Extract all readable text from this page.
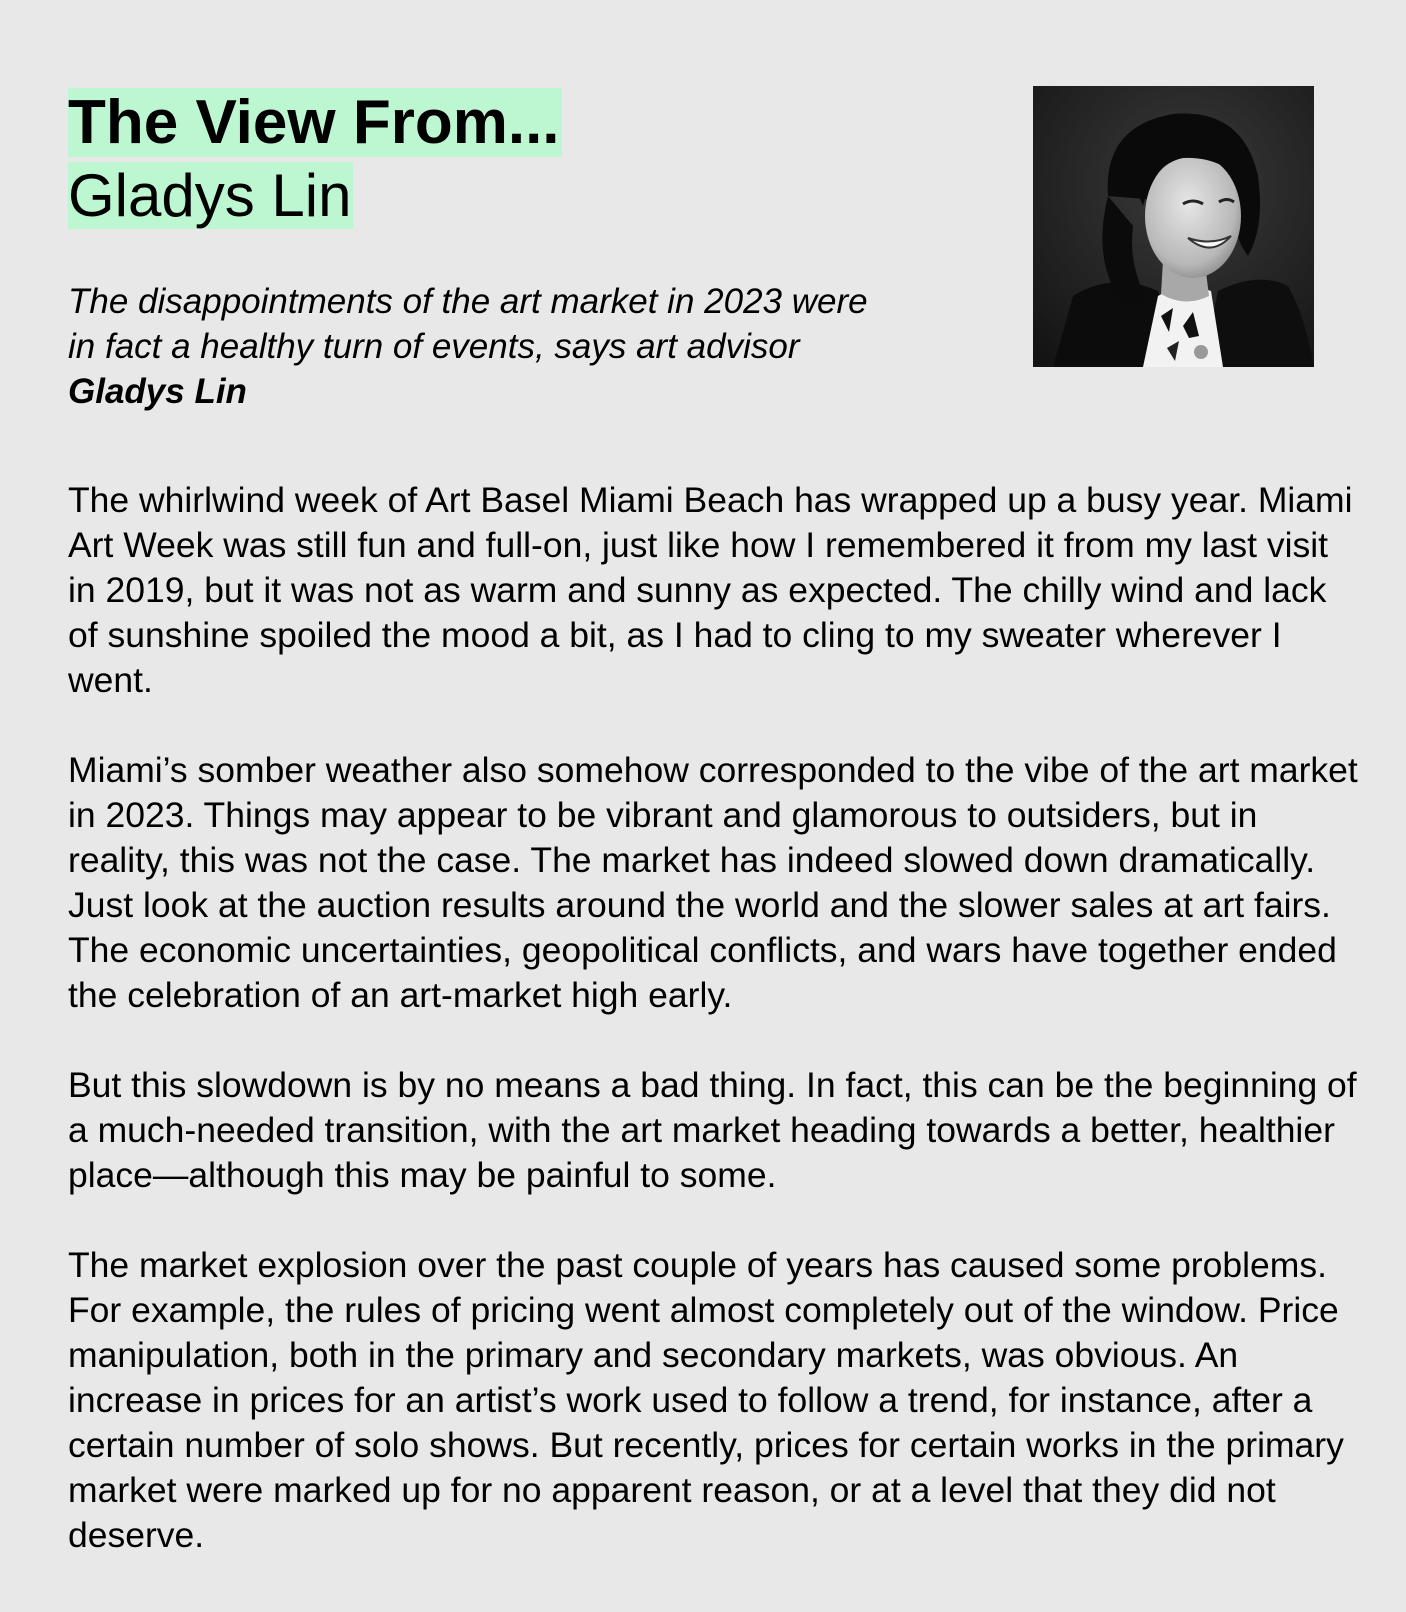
The View From...
Gladys Lin

The disappointments of the art market in 2023 were in fact a healthy turn of events, says art advisor Gladys Lin

The whirlwind week of Art Basel Miami Beach has wrapped up a busy year. Miami Art Week was still fun and full-on, just like how I remembered it from my last visit in 2019, but it was not as warm and sunny as expected. The chilly wind and lack of sunshine spoiled the mood a bit, as I had to cling to my sweater wherever I went.

Miami’s somber weather also somehow corresponded to the vibe of the art market in 2023. Things may appear to be vibrant and glamorous to outsiders, but in reality, this was not the case. The market has indeed slowed down dramatically. Just look at the auction results around the world and the slower sales at art fairs. The economic uncertainties, geopolitical conflicts, and wars have together ended the celebration of an art-market high early.

But this slowdown is by no means a bad thing. In fact, this can be the beginning of a much-needed transition, with the art market heading towards a better, healthier place—although this may be painful to some.

The market explosion over the past couple of years has caused some problems. For example, the rules of pricing went almost completely out of the window. Price manipulation, both in the primary and secondary markets, was obvious. An increase in prices for an artist’s work used to follow a trend, for instance, after a certain number of solo shows. But recently, prices for certain works in the primary market were marked up for no apparent reason, or at a level that they did not deserve.
